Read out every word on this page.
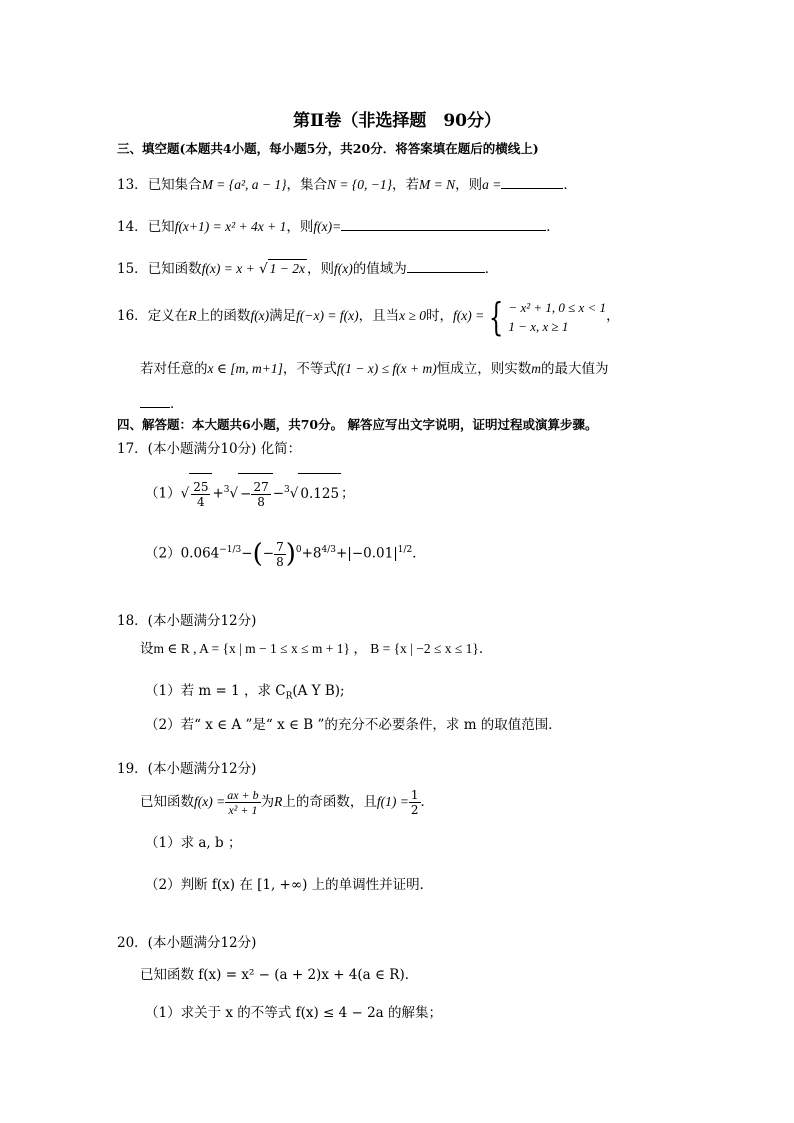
第Ⅱ卷（非选择题　90分）
三、填空题(本题共4小题，每小题5分，共20分．将答案填在题后的横线上)
13．已知集合M = {a², a − 1}，集合N = {0, −1}，若M = N，则a =	．
14．已知f(x+1) = x² + 4x + 1，则f(x)=	．
15．已知函数f(x) = x + √ 1 − 2x ，则f(x)的值域为	．
16．定义在R上的函数f(x)满足f(−x) = f(x)，且当x ≥ 0时，f(x) = { − x² + 1, 0 ≤ x < 1
1 − x, x ≥ 1
，
若对任意的x ∈ [m, m+1]，不等式f(1 − x) ≤ f(x + m)恒成立，则实数m的最大值为
．
四、解答题：本大题共6小题，共70分。 解答应写出文字说明，证明过程或演算步骤。
17．(本小题满分10分) 化简：
$(1)√ \frac{25}{4} +^3√ - \frac{27}{8} -^3√$ 0.125 ；
$(2)0.064^{-1/3}-(- \frac{7}{8} )^0+8^{4/3}+|-0.01|^{1/2}$．
18．(本小题满分12分)
设m ∈ R , A = {x | m − 1 ≤ x ≤ m + 1} ， B = {x | −2 ≤ x ≤ 1}．
（1）若 m = 1 ，求 $C_R(A$ Y B);
（2）若“ x ∈ A ”是“ x ∈ B ”的充分不必要条件，求 m 的取值范围．
19．(本小题满分12分)
已知函数$f(x) = \frac{ax + b}{\text{x² + 1}}$ 为R上的奇函数，且$f(1) = \frac{1}{2}$ ．
（1）求 a, b ；
（2）判断 f(x) 在 [1, +∞) 上的单调性并证明．
20．(本小题满分12分)
已知函数 f(x) = x² − (a + 2)x + 4(a ∈ R)．
（1）求关于 x 的不等式 f(x) ≤ 4 − 2a 的解集；
